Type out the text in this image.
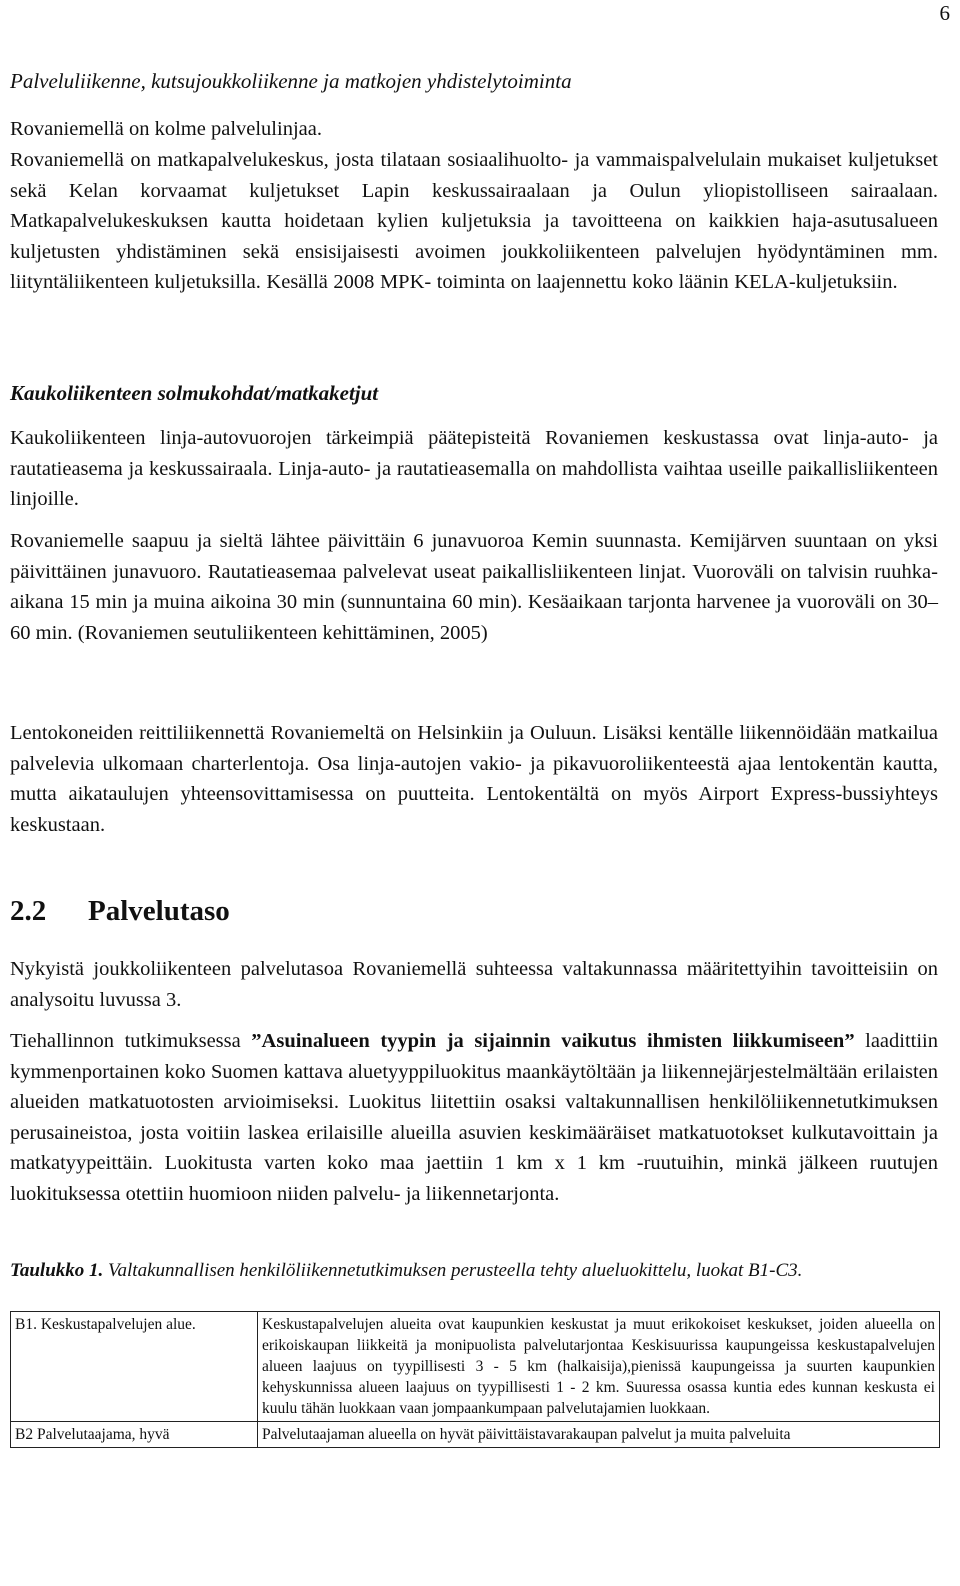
6
Palveluliikenne, kutsujoukkoliikenne ja matkojen yhdistelytoiminta

Rovaniemellä on kolme palvelulinjaa.

Rovaniemellä on matkapalvelukeskus, josta tilataan sosiaalihuolto- ja vammaispalvelulain mukaiset kuljetukset sekä Kelan korvaamat kuljetukset Lapin keskussairaalaan ja Oulun yliopistolliseen sairaalaan. Matkapalvelukeskuksen kautta hoidetaan kylien kuljetuksia ja tavoitteena on kaikkien haja-asutusalueen kuljetusten yhdistäminen sekä ensisijaisesti avoimen joukkoliikenteen palvelujen hyödyntäminen mm. liityntäliikenteen kuljetuksilla. Kesällä 2008 MPK- toiminta on laajennettu koko läänin KELA-kuljetuksiin.

Kaukoliikenteen solmukohdat/matkaketjut

Kaukoliikenteen linja-autovuorojen tärkeimpiä päätepisteitä Rovaniemen keskustassa ovat linja-auto- ja rautatieasema ja keskussairaala. Linja-auto- ja rautatieasemalla on mahdollista vaihtaa useille paikallisliikenteen linjoille.

Rovaniemelle saapuu ja sieltä lähtee päivittäin 6 junavuoroa Kemin suunnasta. Kemijärven suuntaan on yksi päivittäinen junavuoro. Rautatieasemaa palvelevat useat paikallisliikenteen linjat. Vuoroväli on talvisin ruuhka-aikana 15 min ja muina aikoina 30 min (sunnuntaina 60 min). Kesäaikaan tarjonta harvenee ja vuoroväli on 30–60 min. (Rovaniemen seutuliikenteen kehittäminen, 2005)

Lentokoneiden reittiliikennettä Rovaniemeltä on Helsinkiin ja Ouluun. Lisäksi kentälle liikennöidään matkailua palvelevia ulkomaan charterlentoja. Osa linja-autojen vakio- ja pikavuoroliikenteestä ajaa lentokentän kautta, mutta aikataulujen yhteensovittamisessa on puutteita. Lentokentältä on myös Airport Express-bussiyhteys keskustaan.

2.2 Palvelutaso

Nykyistä joukkoliikenteen palvelutasoa Rovaniemellä suhteessa valtakunnassa määritettyihin tavoitteisiin on analysoitu luvussa 3.

Tiehallinnon tutkimuksessa ”Asuinalueen tyypin ja sijainnin vaikutus ihmisten liikkumiseen” laadittiin kymmenportainen koko Suomen kattava aluetyyppiluokitus maankäytöltään ja liikennejärjestelmältään erilaisten alueiden matkatuotosten arvioimiseksi. Luokitus liitettiin osaksi valtakunnallisen henkilöliikennetutkimuksen perusaineistoa, josta voitiin laskea erilaisille alueilla asuvien keskimääräiset matkatuotokset kulkutavoittain ja matkatyypeittäin. Luokitusta varten koko maa jaettiin 1 km x 1 km -ruutuihin, minkä jälkeen ruutujen luokituksessa otettiin huomioon niiden palvelu- ja liikennetarjonta.

Taulukko 1. Valtakunnallisen henkilöliikennetutkimuksen perusteella tehty alueluokittelu, luokat B1-C3.

B1. Keskustapalvelujen alue.	Keskustapalvelujen alueita ovat kaupunkien keskustat ja muut erikokoiset keskukset, joiden alueella on erikoiskaupan liikkeitä ja monipuolista palvelutarjontaa Keskisuurissa kaupungeissa keskustapalvelujen alueen laajuus on tyypillisesti 3 - 5 km (halkaisija),pienissä kaupungeissa ja suurten kaupunkien kehyskunnissa alueen laajuus on tyypillisesti 1 - 2 km. Suuressa osassa kuntia edes kunnan keskusta ei kuulu tähän luokkaan vaan jompaankumpaan palvelutajamien luokkaan.
B2 Palvelutaajama, hyvä	Palvelutaajaman alueella on hyvät päivittäistavarakaupan palvelut ja muita palveluita
